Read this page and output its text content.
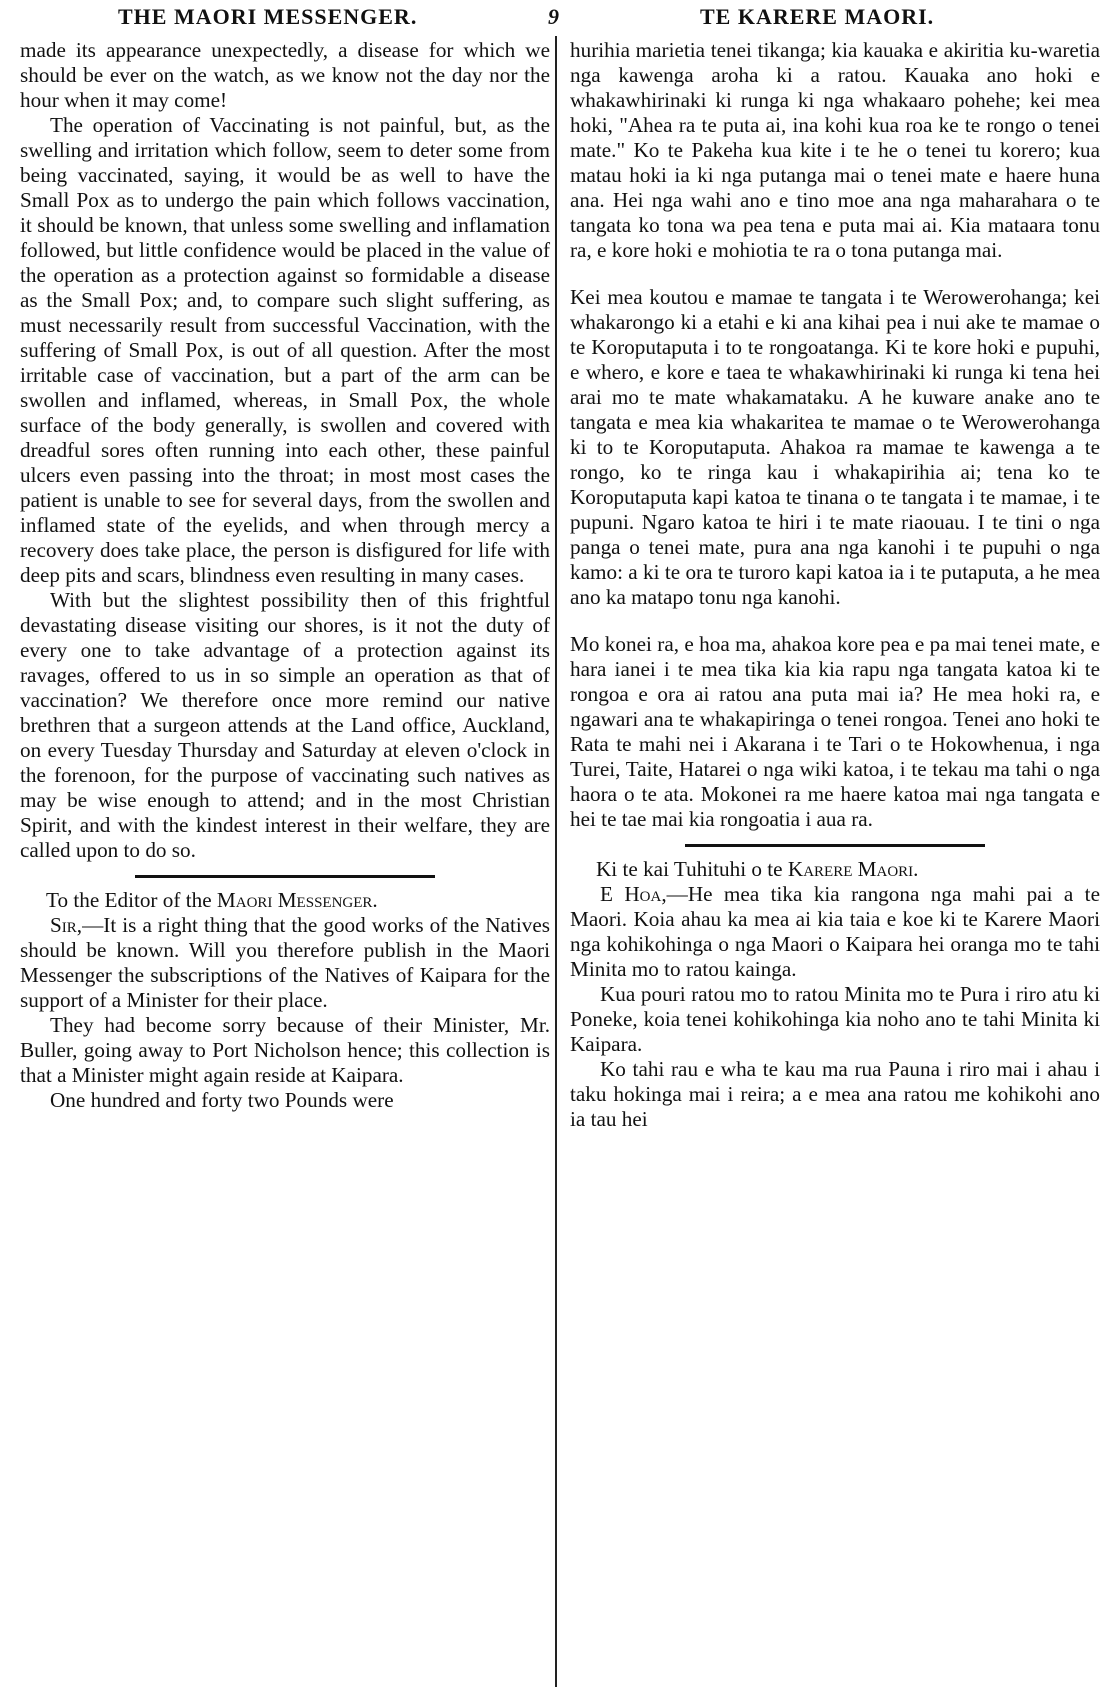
THE MAORI MESSENGER.	9	TE KARERE MAORI.

made its appearance unexpectedly, a disease for which we should be ever on the watch, as we know not the day nor the hour when it may come!

The operation of Vaccinating is not painful, but, as the swelling and irritation which follow, seem to deter some from being vaccinated, saying, it would be as well to have the Small Pox as to undergo the pain which follows vaccination, it should be known, that unless some swelling and inflamation followed, but little confidence would be placed in the value of the operation as a protection against so formidable a disease as the Small Pox; and, to compare such slight suffering, as must necessarily result from successful Vaccination, with the suffering of Small Pox, is out of all question. After the most irritable case of vaccination, but a part of the arm can be swollen and inflamed, whereas, in Small Pox, the whole surface of the body generally, is swollen and covered with dreadful sores often running into each other, these painful ulcers even passing into the throat; in most most cases the patient is unable to see for several days, from the swollen and inflamed state of the eyelids, and when through mercy a recovery does take place, the person is disfigured for life with deep pits and scars, blindness even resulting in many cases.

With but the slightest possibility then of this frightful devastating disease visiting our shores, is it not the duty of every one to take advantage of a protection against its ravages, offered to us in so simple an operation as that of vaccination? We therefore once more remind our native brethren that a surgeon attends at the Land office, Auckland, on every Tuesday Thursday and Saturday at eleven o'clock in the forenoon, for the purpose of vaccinating such natives as may be wise enough to attend; and in the most Christian Spirit, and with the kindest interest in their welfare, they are called upon to do so.

To the Editor of the Maori Messenger.

Sir,—It is a right thing that the good works of the Natives should be known. Will you therefore publish in the Maori Messenger the subscriptions of the Natives of Kaipara for the support of a Minister for their place.

They had become sorry because of their Minister, Mr. Buller, going away to Port Nicholson hence; this collection is that a Minister might again reside at Kaipara.

One hundred and forty two Pounds were

hurihia marietia tenei tikanga; kia kauaka e akiritia ku-waretia nga kawenga aroha ki a ratou. Kauaka ano hoki e whakawhirinaki ki runga ki nga whakaaro pohehe; kei mea hoki, "Ahea ra te puta ai, ina kohi kua roa ke te rongo o tenei mate." Ko te Pakeha kua kite i te he o tenei tu korero; kua matau hoki ia ki nga putanga mai o tenei mate e haere huna ana. Hei nga wahi ano e tino moe ana nga maharahara o te tangata ko tona wa pea tena e puta mai ai. Kia mataara tonu ra, e kore hoki e mohiotia te ra o tona putanga mai.

Kei mea koutou e mamae te tangata i te Werowerohanga; kei whakarongo ki a etahi e ki ana kihai pea i nui ake te mamae o te Koroputaputa i to te rongoatanga. Ki te kore hoki e pupuhi, e whero, e kore e taea te whakawhirinaki ki runga ki tena hei arai mo te mate whakamataku. A he kuware anake ano te tangata e mea kia whakaritea te mamae o te Werowerohanga ki to te Koroputaputa. Ahakoa ra mamae te kawenga a te rongo, ko te ringa kau i whakapirihia ai; tena ko te Koroputaputa kapi katoa te tinana o te tangata i te mamae, i te pupuni. Ngaro katoa te hiri i te mate riaouau. I te tini o nga panga o tenei mate, pura ana nga kanohi i te pupuhi o nga kamo: a ki te ora te turoro kapi katoa ia i te putaputa, a he mea ano ka matapo tonu nga kanohi.

Mo konei ra, e hoa ma, ahakoa kore pea e pa mai tenei mate, e hara ianei i te mea tika kia kia rapu nga tangata katoa ki te rongoa e ora ai ratou ana puta mai ia? He mea hoki ra, e ngawari ana te whakapiringa o tenei rongoa. Tenei ano hoki te Rata te mahi nei i Akarana i te Tari o te Hokowhenua, i nga Turei, Taite, Hatarei o nga wiki katoa, i te tekau ma tahi o nga haora o te ata. Mokonei ra me haere katoa mai nga tangata e hei te tae mai kia rongoatia i aua ra.

Ki te kai Tuhituhi o te Karere Maori.

E Hoa,—He mea tika kia rangona nga mahi pai a te Maori. Koia ahau ka mea ai kia taia e koe ki te Karere Maori nga kohikohinga o nga Maori o Kaipara hei oranga mo te tahi Minita mo to ratou kainga.

Kua pouri ratou mo to ratou Minita mo te Pura i riro atu ki Poneke, koia tenei kohikohinga kia noho ano te tahi Minita ki Kaipara.

Ko tahi rau e wha te kau ma rua Pauna i riro mai i ahau i taku hokinga mai i reira; a e mea ana ratou me kohikohi ano ia tau hei
